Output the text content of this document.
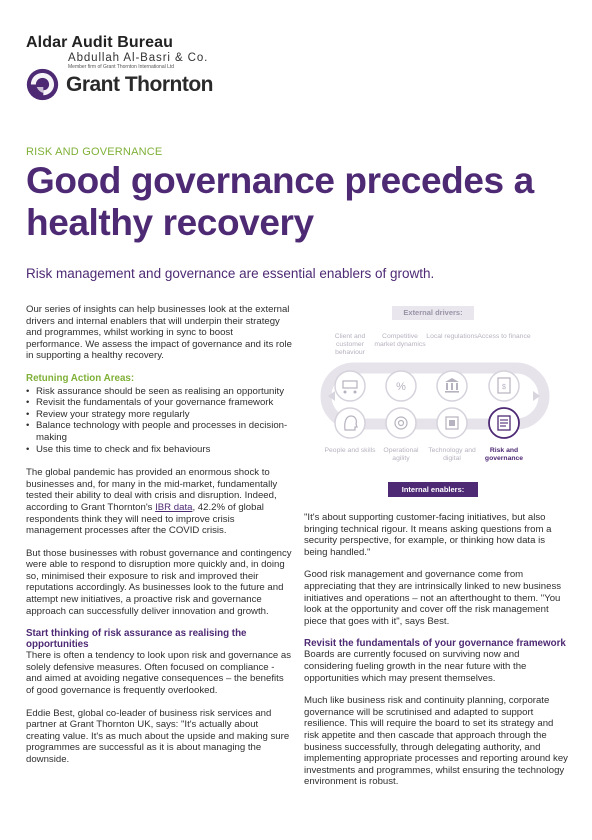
Aldar Audit Bureau
Abdullah Al-Basri & Co.
Member firm of Grant Thornton International Ltd
Grant Thornton
RISK AND GOVERNANCE
Good governance precedes a healthy recovery
Risk management and governance are essential enablers of growth.

Our series of insights can help businesses look at the external drivers and internal enablers that will underpin their strategy and programmes, whilst working in sync to boost performance. We assess the impact of governance and its role in supporting a healthy recovery.

Retuning Action Areas:
• Risk assurance should be seen as realising an opportunity
• Revisit the fundamentals of your governance framework
• Review your strategy more regularly
• Balance technology with people and processes in decision-making
• Use this time to check and fix behaviours

The global pandemic has provided an enormous shock to businesses and, for many in the mid-market, fundamentally tested their ability to deal with crisis and disruption. Indeed, according to Grant Thornton's IBR data, 42.2% of global respondents think they will need to improve crisis management processes after the COVID crisis.

But those businesses with robust governance and contingency were able to respond to disruption more quickly and, in doing so, minimised their exposure to risk and improved their reputations accordingly. As businesses look to the future and attempt new initiatives, a proactive risk and governance approach can successfully deliver innovation and growth.

Start thinking of risk assurance as realising the opportunities

There is often a tendency to look upon risk and governance as solely defensive measures. Often focused on compliance - and aimed at avoiding negative consequences – the benefits of good governance is frequently overlooked.

Eddie Best, global co-leader of business risk services and partner at Grant Thornton UK, says: "It's actually about creating value. It's as much about the upside and making sure programmes are successful as it is about managing the downside.

External drivers:
Client and customer behaviour
Competitive market dynamics
Local regulations Access to finance
%	$
People and skills	Operational agility
Technology and digital
Risk and governance
Internal enablers:

"It's about supporting customer-facing initiatives, but also bringing technical rigour. It means asking questions from a security perspective, for example, or thinking how data is being handled."

Good risk management and governance come from appreciating that they are intrinsically linked to new business initiatives and operations – not an afterthought to them. "You look at the opportunity and cover off the risk management piece that goes with it", says Best.

Revisit the fundamentals of your governance framework

Boards are currently focused on surviving now and considering fueling growth in the near future with the opportunities which may present themselves.

Much like business risk and continuity planning, corporate governance will be scrutinised and adapted to support resilience. This will require the board to set its strategy and risk appetite and then cascade that approach through the business successfully, through delegating authority, and implementing appropriate processes and reporting around key investments and programmes, whilst ensuring the technology environment is robust.
